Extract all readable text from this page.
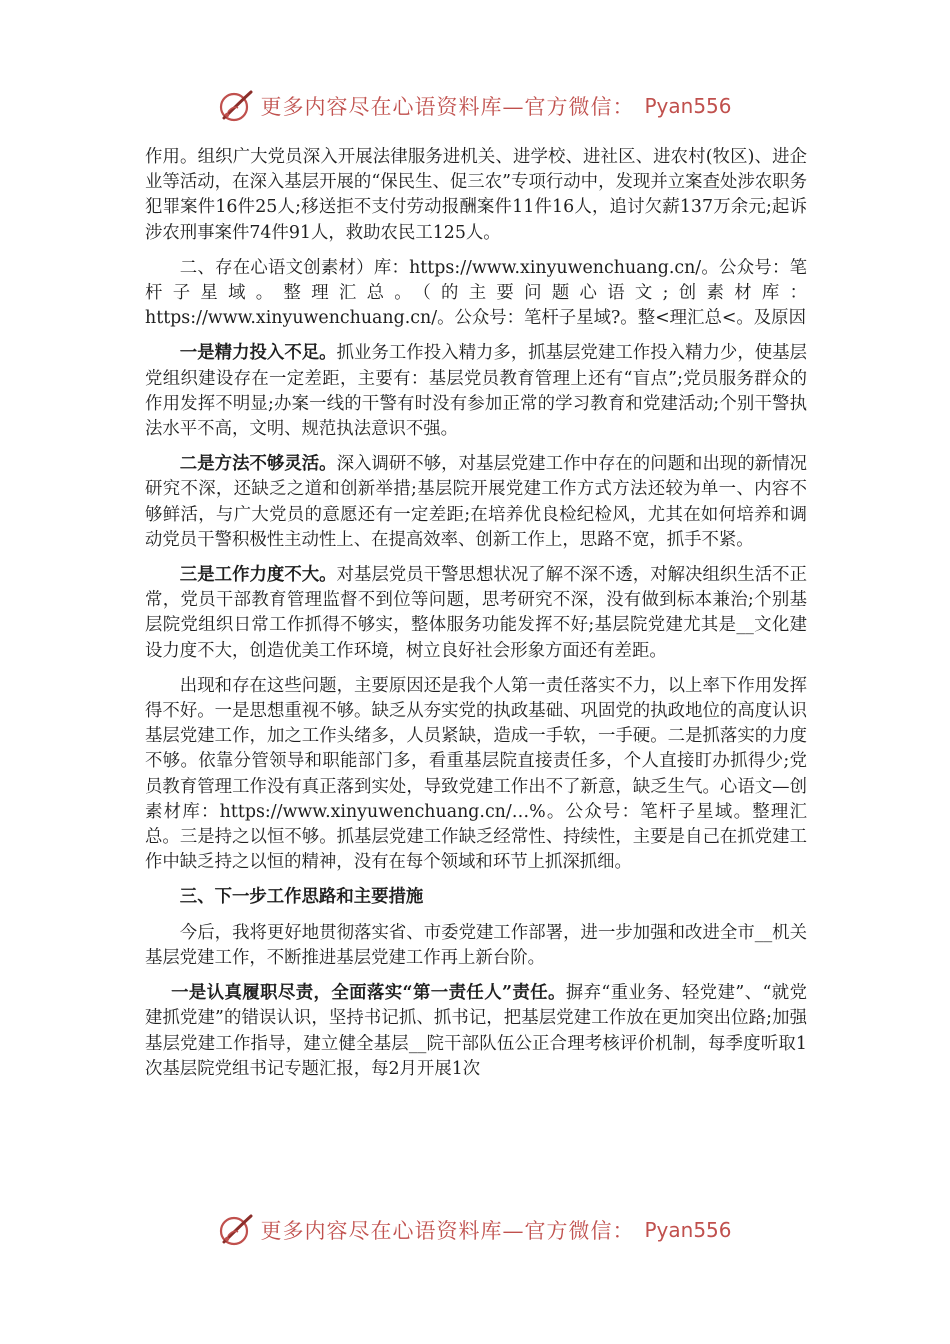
更多内容尽在心语资料库—官方微信： Pyan556

作用。组织广大党员深入开展法律服务进机关、进学校、进社区、进农村(牧区)、进企业等活动，在深入基层开展的“保民生、促三农”专项行动中，发现并立案查处涉农职务犯罪案件16件25人;移送拒不支付劳动报酬案件11件16人，追讨欠薪137万余元;起诉涉农刑事案件74件91人，救助农民工125人。

二、存在心语文创素材）库：https://www.xinyuwenchuang.cn/。公众号：笔杆子星域。整理汇总。（的主要问题心语文;创素材库：https://www.xinyuwenchuang.cn/。公众号：笔杆子星域?。整<理汇总<。及原因

一是精力投入不足。抓业务工作投入精力多，抓基层党建工作投入精力少，使基层党组织建设存在一定差距，主要有：基层党员教育管理上还有“盲点”;党员服务群众的作用发挥不明显;办案一线的干警有时没有参加正常的学习教育和党建活动;个别干警执法水平不高，文明、规范执法意识不强。

二是方法不够灵活。深入调研不够，对基层党建工作中存在的问题和出现的新情况研究不深，还缺乏之道和创新举措;基层院开展党建工作方式方法还较为单一、内容不够鲜活，与广大党员的意愿还有一定差距;在培养优良检纪检风，尤其在如何培养和调动党员干警积极性主动性上、在提高效率、创新工作上，思路不宽，抓手不紧。

三是工作力度不大。对基层党员干警思想状况了解不深不透，对解决组织生活不正常，党员干部教育管理监督不到位等问题，思考研究不深，没有做到标本兼治;个别基层院党组织日常工作抓得不够实，整体服务功能发挥不好;基层院党建尤其是__文化建设力度不大，创造优美工作环境，树立良好社会形象方面还有差距。

出现和存在这些问题，主要原因还是我个人第一责任落实不力，以上率下作用发挥得不好。一是思想重视不够。缺乏从夯实党的执政基础、巩固党的执政地位的高度认识基层党建工作，加之工作头绪多，人员紧缺，造成一手软，一手硬。二是抓落实的力度不够。依靠分管领导和职能部门多，看重基层院直接责任多，个人直接盯办抓得少;党员教育管理工作没有真正落到实处，导致党建工作出不了新意，缺乏生气。心语文—创素材库：https://www.xinyuwenchuang.cn/…%。公众号：笔杆子星域。整理汇总。三是持之以恒不够。抓基层党建工作缺乏经常性、持续性，主要是自己在抓党建工作中缺乏持之以恒的精神，没有在每个领域和环节上抓深抓细。

三、下一步工作思路和主要措施

今后，我将更好地贯彻落实省、市委党建工作部署，进一步加强和改进全市__机关基层党建工作，不断推进基层党建工作再上新台阶。

一是认真履职尽责，全面落实“第一责任人”责任。摒弃“重业务、轻党建”、“就党建抓党建”的错误认识，坚持书记抓、抓书记，把基层党建工作放在更加突出位路;加强基层党建工作指导，建立健全基层__院干部队伍公正合理考核评价机制，每季度听取1次基层院党组书记专题汇报，每2月开展1次

更多内容尽在心语资料库—官方微信： Pyan556
